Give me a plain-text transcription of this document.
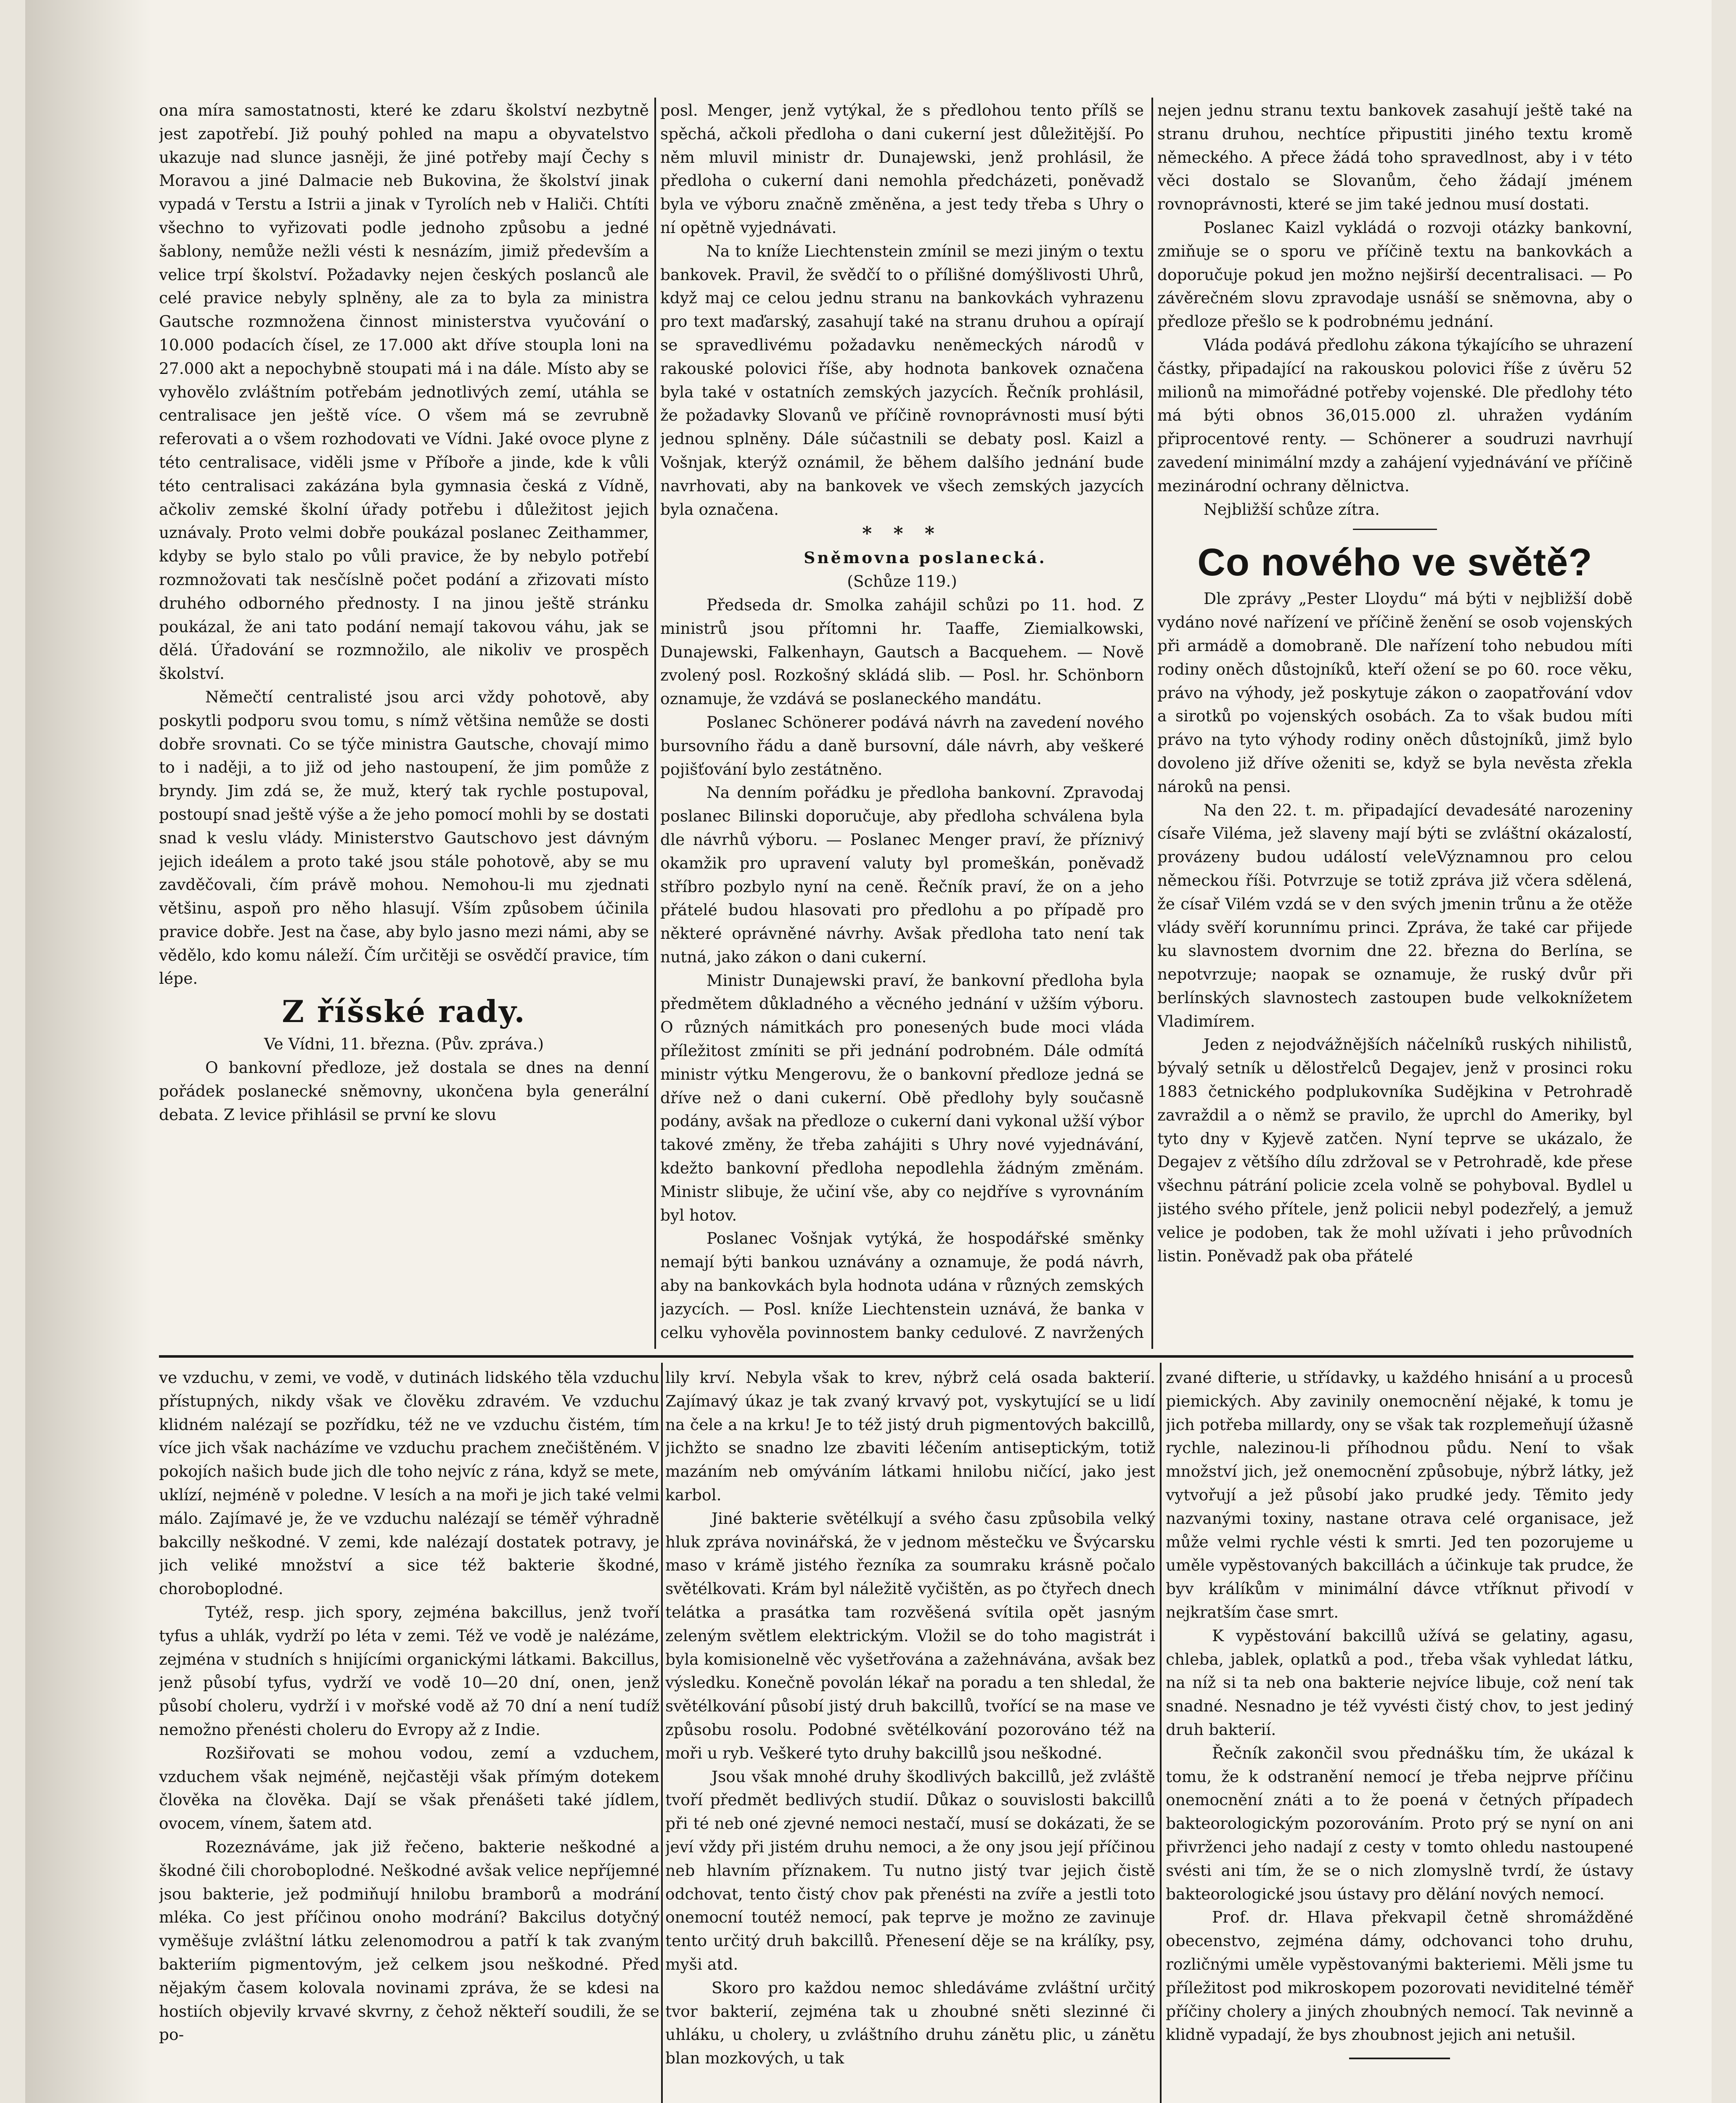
ona míra samostatnosti, které ke zdaru školství nezbytně jest zapotřebí. Již pouhý pohled na mapu a obyvatelstvo ukazuje nad slunce jasněji, že jiné potřeby mají Čechy s Moravou a jiné Dalmacie neb Bukovina, že školství jinak vypadá v Terstu a Istrii a jinak v Tyrolích neb v Haliči. Chtíti všechno to vyřizovati podle jednoho způsobu a jedné šablony, nemůže nežli vésti k nesnázím, jimiž především a velice trpí školství. Požadavky nejen českých poslanců ale celé pravice nebyly splněny, ale za to byla za ministra Gautsche rozmnožena činnost ministerstva vyučování o 10.000 podacích čísel, ze 17.000 akt dříve stoupla loni na 27.000 akt a nepochybně stoupati má i na dále. Místo aby se vyhovělo zvláštním potřebám jednotlivých zemí, utáhla se centralisace jen ještě více. O všem má se zevrubně referovati a o všem rozhodovati ve Vídni. Jaké ovoce plyne z této centralisace, viděli jsme v Příboře a jinde, kde k vůli této centralisaci zakázána byla gymnasia česká z Vídně, ačkoliv zemské školní úřady potřebu i důležitost jejich uznávaly. Proto velmi dobře poukázal poslanec Zeithammer, kdyby se bylo stalo po vůli pravice, že by nebylo potřebí rozmnožovati tak nesčíslně počet podání a zřizovati místo druhého odborného přednosty. I na jinou ještě stránku poukázal, že ani tato podání nemají takovou váhu, jak se dělá. Úřadování se rozmnožilo, ale nikoliv ve prospěch školství.

Němečtí centralisté jsou arci vždy pohotově, aby poskytli podporu svou tomu, s nímž většina nemůže se dosti dobře srovnati. Co se týče ministra Gautsche, chovají mimo to i naději, a to již od jeho nastoupení, že jim pomůže z bryndy. Jim zdá se, že muž, který tak rychle postupoval, postoupí snad ještě výše a že jeho pomocí mohli by se dostati snad k veslu vlády. Ministerstvo Gautschovo jest dávným jejich ideálem a proto také jsou stále pohotově, aby se mu zavděčovali, čím právě mohou. Nemohou-li mu zjednati většinu, aspoň pro něho hlasují. Vším způsobem účinila pravice dobře. Jest na čase, aby bylo jasno mezi námi, aby se vědělo, kdo komu náleží. Čím určitěji se osvědčí pravice, tím lépe.

Z říšské rady.

Ve Vídni, 11. března. (Pův. zpráva.)

O bankovní předloze, jež dostala se dnes na denní pořádek poslanecké sněmovny, ukončena byla generální debata. Z levice přihlásil se první ke slovu

posl. Menger, jenž vytýkal, že s předlohou tento přílš se spěchá, ačkoli předloha o dani cukerní jest důležitější. Po něm mluvil ministr dr. Dunajewski, jenž prohlásil, že předloha o cukerní dani nemohla předcházeti, poněvadž byla ve výboru značně změněna, a jest tedy třeba s Uhry o ní opětně vyjednávati.

Na to kníže Liechtenstein zmínil se mezi jiným o textu bankovek. Pravil, že svědčí to o přílišné domýšlivosti Uhrů, když maj ce celou jednu stranu na bankovkách vyhrazenu pro text maďarský, zasahují také na stranu druhou a opírají se spravedlivému požadavku neněmeckých národů v rakouské polovici říše, aby hodnota bankovek označena byla také v ostatních zemských jazycích. Řečník prohlásil, že požadavky Slovanů ve příčině rovnoprávnosti musí býti jednou splněny. Dále súčastnili se debaty posl. Kaizl a Vošnjak, kterýž oznámil, že během dalšího jednání bude navrhovati, aby na bankovek ve všech zemských jazycích byla označena.

* * *

Sněmovna poslanecká.

(Schůze 119.)

Předseda dr. Smolka zahájil schůzi po 11. hod. Z ministrů jsou přítomni hr. Taaffe, Ziemialkowski, Dunajewski, Falkenhayn, Gautsch a Bacquehem. — Nově zvolený posl. Rozkošný skládá slib. — Posl. hr. Schönborn oznamuje, že vzdává se poslaneckého mandátu.

Poslanec Schönerer podává návrh na zavedení nového bursovního řádu a daně bursovní, dále návrh, aby veškeré pojišťování bylo zestátněno.

Na denním pořádku je předloha bankovní. Zpravodaj poslanec Bilinski doporučuje, aby předloha schválena byla dle návrhů výboru. — Poslanec Menger praví, že příznivý okamžik pro upravení valuty byl promeškán, poněvadž stříbro pozbylo nyní na ceně. Řečník praví, že on a jeho přátelé budou hlasovati pro předlohu a po případě pro některé oprávněné návrhy. Avšak předloha tato není tak nutná, jako zákon o dani cukerní.

Ministr Dunajewski praví, že bankovní předloha byla předmětem důkladného a věcného jednání v užším výboru. O různých námitkách pro ponesených bude moci vláda příležitost zmíniti se při jednání podrobném. Dále odmítá ministr výtku Mengerovu, že o bankovní předloze jedná se dříve než o dani cukerní. Obě předlohy byly současně podány, avšak na předloze o cukerní dani vykonal užší výbor takové změny, že třeba zahájiti s Uhry nové vyjednávání, kdežto bankovní předloha nepodlehla žádným změnám. Ministr slibuje, že učiní vše, aby co nejdříve s vyrovnáním byl hotov.

Poslanec Vošnjak vytýká, že hospodářské směnky nemají býti bankou uznávány a oznamuje, že podá návrh, aby na bankovkách byla hodnota udána v různých zemských jazycích. — Posl. kníže Liechtenstein uznává, že banka v celku vyhověla povinnostem banky cedulové. Z navržených

nejen jednu stranu textu bankovek zasahují ještě také na stranu druhou, nechtíce připustiti jiného textu kromě německého. A přece žádá toho spravedlnost, aby i v této věci dostalo se Slovanům, čeho žádají jménem rovnoprávnosti, které se jim také jednou musí dostati.

Poslanec Kaizl vykládá o rozvoji otázky bankovní, zmiňuje se o sporu ve příčině textu na bankovkách a doporučuje pokud jen možno nejširší decentralisaci. — Po závěrečném slovu zpravodaje usnáší se sněmovna, aby o předloze přešlo se k podrobnému jednání.

Vláda podává předlohu zákona týkajícího se uhrazení částky, připadající na rakouskou polovici říše z úvěru 52 milionů na mimořádné potřeby vojenské. Dle předlohy této má býti obnos 36,015.000 zl. uhražen vydáním připrocentové renty. — Schönerer a soudruzi navrhují zavedení minimální mzdy a zahájení vyjednávání ve příčině mezinárodní ochrany dělnictva.

Nejbližší schůze zítra.

Co nového ve světě?

Dle zprávy „Pester Lloydu“ má býti v nejbližší době vydáno nové nařízení ve příčině ženění se osob vojenských při armádě a domobraně. Dle nařízení toho nebudou míti rodiny oněch důstojníků, kteří ožení se po 60. roce věku, právo na výhody, jež poskytuje zákon o zaopatřování vdov a sirotků po vojenských osobách. Za to však budou míti právo na tyto výhody rodiny oněch důstojníků, jimž bylo dovoleno již dříve oženiti se, když se byla nevěsta zřekla nároků na pensi.

Na den 22. t. m. připadající devadesáté narozeniny císaře Viléma, jež slaveny mají býti se zvláštní okázalostí, provázeny budou událostí veleVýznamnou pro celou německou říši. Potvrzuje se totiž zpráva již včera sdělená, že císař Vilém vzdá se v den svých jmenin trůnu a že otěže vlády svěří korunnímu princi. Zpráva, že také car přijede ku slavnostem dvornim dne 22. března do Berlína, se nepotvrzuje; naopak se oznamuje, že ruský dvůr při berlínských slavnostech zastoupen bude velkoknížetem Vladimírem.

Jeden z nejodvážnějších náčelníků ruských nihilistů, bývalý setník u dělostřelců Degajev, jenž v prosinci roku 1883 četnického podplukovníka Sudějkina v Petrohradě zavraždil a o němž se pravilo, že uprchl do Ameriky, byl tyto dny v Kyjevě zatčen. Nyní teprve se ukázalo, že Degajev z většího dílu zdržoval se v Petrohradě, kde přese všechnu pátrání policie zcela volně se pohyboval. Bydlel u jistého svého přítele, jenž policii nebyl podezřelý, a jemuž velice je podoben, tak že mohl užívati i jeho průvodních listin. Poněvadž pak oba přátelé

ve vzduchu, v zemi, ve vodě, v dutinách lidského těla vzduchu přístupných, nikdy však ve člověku zdravém. Ve vzduchu klidném nalézají se pozřídku, též ne ve vzduchu čistém, tím více jich však nacházíme ve vzduchu prachem znečištěném. V pokojích našich bude jich dle toho nejvíc z rána, když se mete, uklízí, nejméně v poledne. V lesích a na moři je jich také velmi málo. Zajímavé je, že ve vzduchu nalézají se téměř výhradně bakcilly neškodné. V zemi, kde nalézají dostatek potravy, je jich veliké množství a sice též bakterie škodné, choroboplodné.

Tytéž, resp. jich spory, zejména bakcillus, jenž tvoří tyfus a uhlák, vydrží po léta v zemi. Též ve vodě je nalézáme, zejména v studních s hnijícími organickými látkami. Bakcillus, jenž působí tyfus, vydrží ve vodě 10—20 dní, onen, jenž působí choleru, vydrží i v mořské vodě až 70 dní a není tudíž nemožno přenésti choleru do Evropy až z Indie.

Rozšiřovati se mohou vodou, zemí a vzduchem, vzduchem však nejméně, nejčastěji však přímým dotekem člověka na člověka. Dají se však přenášeti také jídlem, ovocem, vínem, šatem atd.

Rozeznáváme, jak již řečeno, bakterie neškodné a škodné čili choroboplodné. Neškodné avšak velice nepříjemné jsou bakterie, jež podmiňují hnilobu bramborů a modrání mléka. Co jest příčinou onoho modrání? Bakcilus dotyčný vyměšuje zvláštní látku zelenomodrou a patří k tak zvaným bakteriím pigmentovým, jež celkem jsou neškodné. Před nějakým časem kolovala novinami zpráva, že se kdesi na hostiích objevily krvavé skvrny, z čehož někteří soudili, že se po-

lily krví. Nebyla však to krev, nýbrž celá osada bakterií. Zajímavý úkaz je tak zvaný krvavý pot, vyskytující se u lidí na čele a na krku! Je to též jistý druh pigmentových bakcillů, jichžto se snadno lze zbaviti léčením antiseptickým, totiž mazáním neb omýváním látkami hnilobu ničící, jako jest karbol.

Jiné bakterie světélkují a svého času způsobila velký hluk zpráva novinářská, že v jednom městečku ve Švýcarsku maso v krámě jistého řezníka za soumraku krásně počalo světélkovati. Krám byl náležitě vyčištěn, as po čtyřech dnech telátka a prasátka tam rozvěšená svítila opět jasným zeleným světlem elektrickým. Vložil se do toho magistrát i byla komisionelně věc vyšetřována a zažehnávána, avšak bez výsledku. Konečně povolán lékař na poradu a ten shledal, že světélkování působí jistý druh bakcillů, tvořící se na mase ve způsobu rosolu. Podobné světélkování pozorováno též na moři u ryb. Veškeré tyto druhy bakcillů jsou neškodné.

Jsou však mnohé druhy škodlivých bakcillů, jež zvláště tvoří předmět bedlivých studií. Důkaz o souvislosti bakcillů při té neb oné zjevné nemoci nestačí, musí se dokázati, že se jeví vždy při jistém druhu nemoci, a že ony jsou její příčinou neb hlavním příznakem. Tu nutno jistý tvar jejich čistě odchovat, tento čistý chov pak přenésti na zvíře a jestli toto onemocní toutéž nemocí, pak teprve je možno ze zavinuje tento určitý druh bakcillů. Přenesení děje se na králíky, psy, myši atd.

Skoro pro každou nemoc shledáváme zvláštní určitý tvor bakterií, zejména tak u zhoubné sněti slezinné či uhláku, u cholery, u zvláštního druhu zánětu plic, u zánětu blan mozkových, u tak

zvané difterie, u střídavky, u každého hnisání a u procesů piemických. Aby zavinily onemocnění nějaké, k tomu je jich potřeba millardy, ony se však tak rozplemeňují úžasně rychle, nalezinou-li příhodnou půdu. Není to však množství jich, jež onemocnění způsobuje, nýbrž látky, jež vytvořují a jež působí jako prudké jedy. Těmito jedy nazvanými toxiny, nastane otrava celé organisace, jež může velmi rychle vésti k smrti. Jed ten pozorujeme u uměle vypěstovaných bakcillách a účinkuje tak prudce, že byv králíkům v minimální dávce vtříknut přivodí v nejkratším čase smrt.

K vypěstování bakcillů užívá se gelatiny, agasu, chleba, jablek, oplatků a pod., třeba však vyhledat látku, na níž si ta neb ona bakterie nejvíce libuje, což není tak snadné. Nesnadno je též vyvésti čistý chov, to jest jediný druh bakterií.

Řečník zakončil svou přednášku tím, že ukázal k tomu, že k odstranění nemocí je třeba nejprve příčinu onemocnění znáti a to že poená v četných případech bakteorologickým pozorováním. Proto prý se nyní on ani přivrženci jeho nadají z cesty v tomto ohledu nastoupené svésti ani tím, že se o nich zlomyslně tvrdí, že ústavy bakteorologické jsou ústavy pro dělání nových nemocí.

Prof. dr. Hlava překvapil četně shromážděné obecenstvo, zejména dámy, odchovanci toho druhu, rozličnými uměle vypěstovanými bakteriemi. Měli jsme tu příležitost pod mikroskopem pozorovati neviditelné téměř příčiny cholery a jiných zhoubných nemocí. Tak nevinně a klidně vypadají, že bys zhoubnost jejich ani netušil.
